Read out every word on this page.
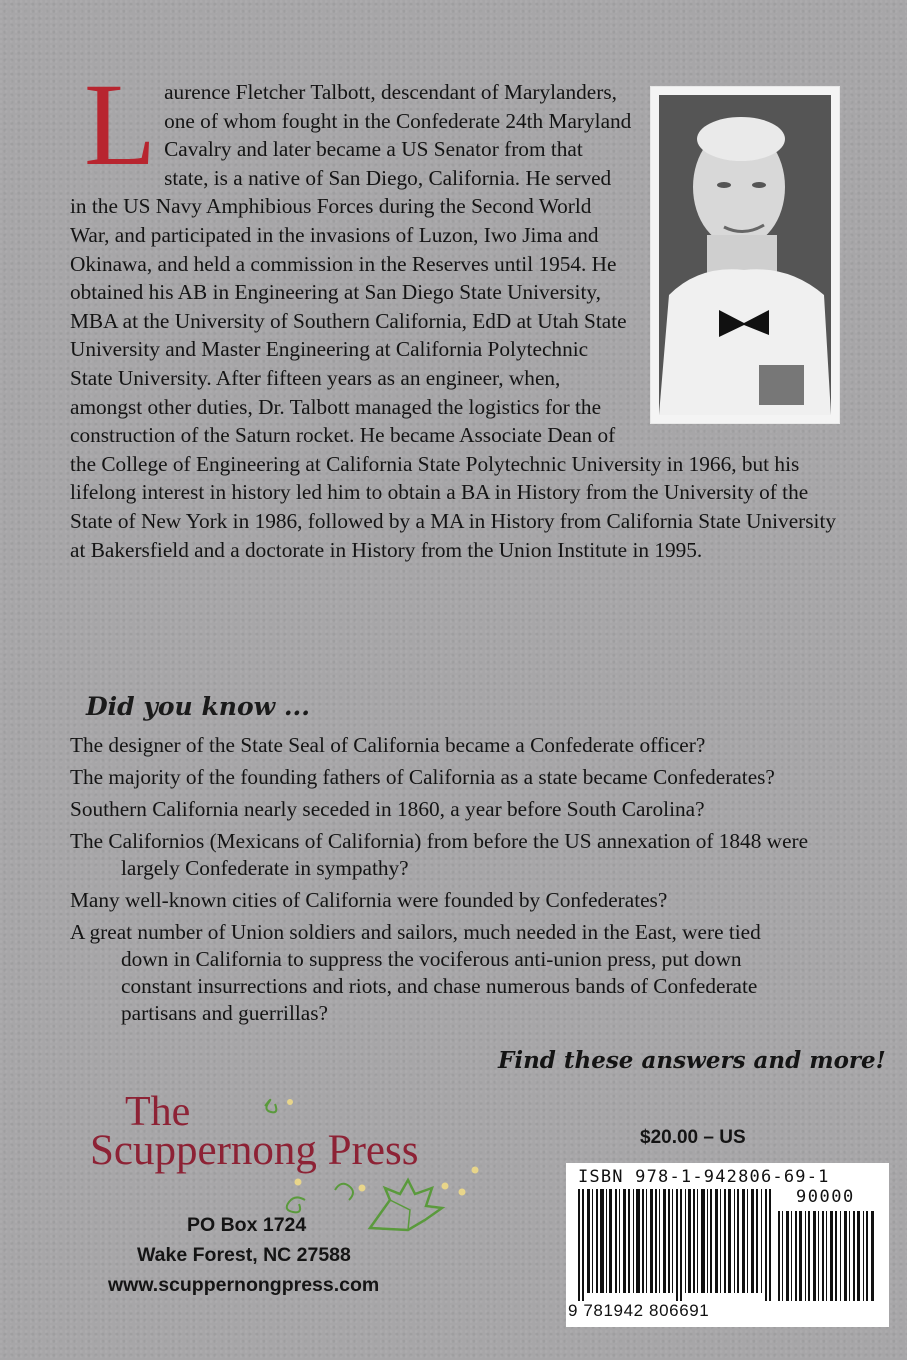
Laurence Fletcher Talbott, descendant of Marylanders, one of whom fought in the Confederate 24th Maryland Cavalry and later became a US Senator from that state, is a native of San Diego, California. He served in the US Navy Amphibious Forces during the Second World War, and participated in the invasions of Luzon, Iwo Jima and Okinawa, and held a commission in the Reserves until 1954. He obtained his AB in Engineering at San Diego State University, MBA at the University of Southern California, EdD at Utah State University and Master Engineering at California Polytechnic State University. After fifteen years as an engineer, when, amongst other duties, Dr. Talbott managed the logistics for the construction of the Saturn rocket. He became Associate Dean of the College of Engineering at California State Polytechnic University in 1966, but his lifelong interest in history led him to obtain a BA in History from the University of the State of New York in 1986, followed by a MA in History from California State University at Bakersfield and a doctorate in History from the Union Institute in 1995.
Did you know ...
The designer of the State Seal of California became a Confederate officer?
The majority of the founding fathers of California as a state became Confederates?
Southern California nearly seceded in 1860, a year before South Carolina?
The Californios (Mexicans of California) from before the US annexation of 1848 were largely Confederate in sympathy?
Many well-known cities of California were founded by Confederates?
A great number of Union soldiers and sailors, much needed in the East, were tied down in California to suppress the vociferous anti-union press, put down constant insurrections and riots, and chase numerous bands of Confederate partisans and guerrillas?
Find these answers and more!
The
Scuppernong Press
PO Box 1724
Wake Forest, NC 27588
www.scuppernongpress.com
$20.00 – US
ISBN 978-1-942806-69-1
90000
9 781942 806691
